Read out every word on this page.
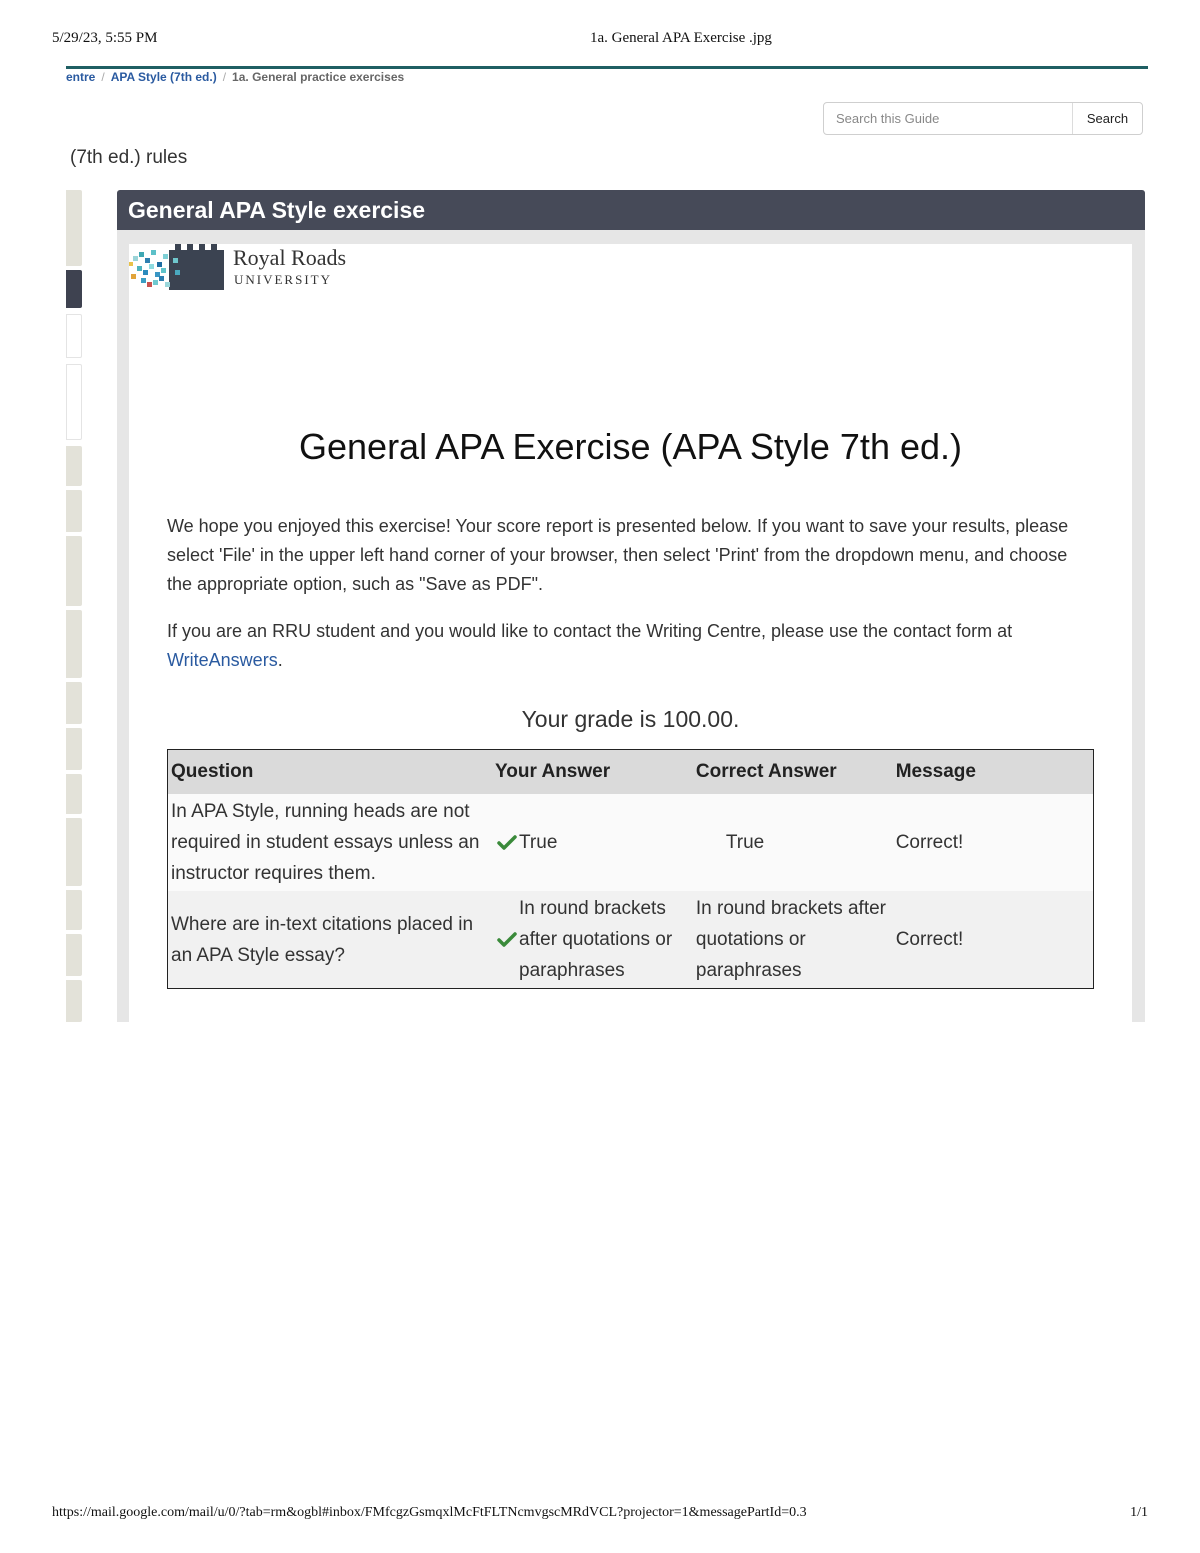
5/29/23, 5:55 PM	1a. General APA Exercise .jpg
entre / APA Style (7th ed.) / 1a. General practice exercises
Search this Guide
Search
(7th ed.) rules
General APA Style exercise
Royal Roads
UNIVERSITY
General APA Exercise (APA Style 7th ed.)

We hope you enjoyed this exercise! Your score report is presented below. If you want to save your results, please select 'File' in the upper left hand corner of your browser, then select 'Print' from the dropdown menu, and choose the appropriate option, such as "Save as PDF".

If you are an RRU student and you would like to contact the Writing Centre, please use the contact form at WriteAnswers.

Your grade is 100.00.
Question	Your Answer	Correct Answer	Message
In APA Style, running heads are not required in student essays unless an instructor requires them.	True	True	Correct!
Where are in-text citations placed in an APA Style essay?	In round brackets after quotations or paraphrases	In round brackets after quotations or paraphrases	Correct!
https://mail.google.com/mail/u/0/?tab=rm&ogbl#inbox/FMfcgzGsmqxlMcFtFLTNcmvgscMRdVCL?projector=1&messagePartId=0.3	1/1
